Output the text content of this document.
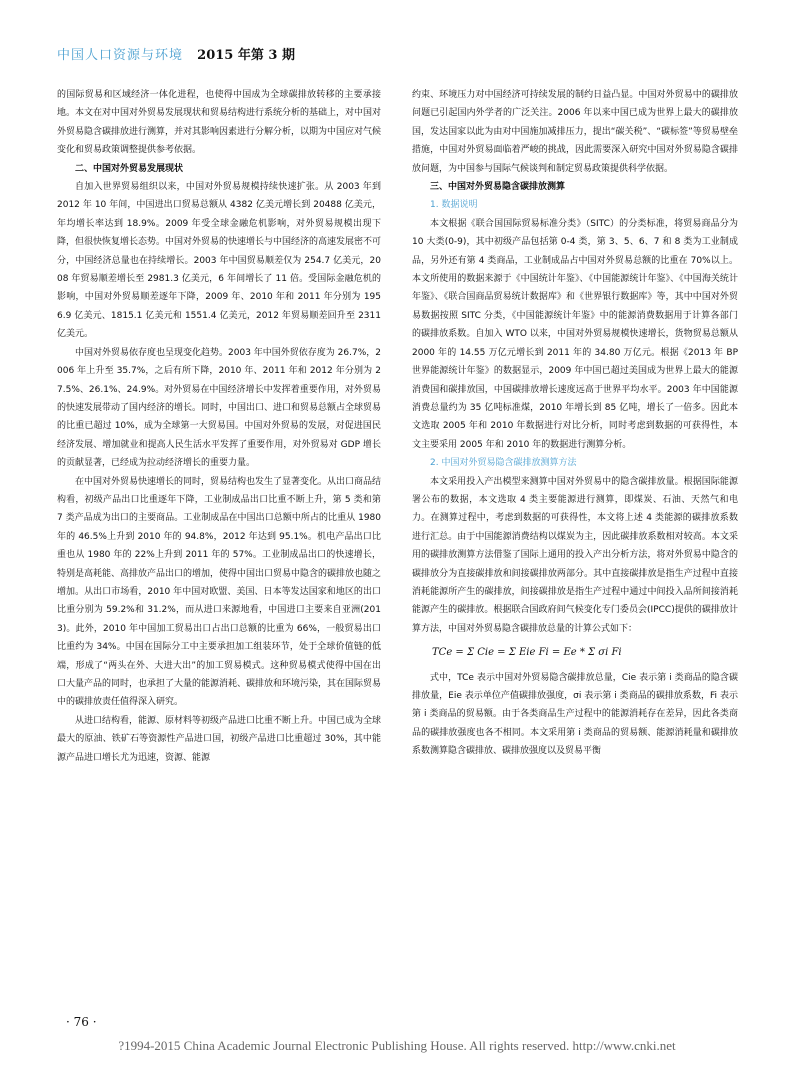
中国人口资源与环境 2015 年第 3 期

的国际贸易和区域经济一体化进程，也使得中国成为全球碳排放转移的主要承接地。本文在对中国对外贸易发展现状和贸易结构进行系统分析的基础上，对中国对外贸易隐含碳排放进行测算，并对其影响因素进行分解分析，以期为中国应对气候变化和贸易政策调整提供参考依据。

二、中国对外贸易发展现状

自加入世界贸易组织以来，中国对外贸易规模持续快速扩张。从 2003 年到 2012 年 10 年间，中国进出口贸易总额从 4382 亿美元增长到 20488 亿美元，年均增长率达到 18.9%。2009 年受全球金融危机影响，对外贸易规模出现下降，但很快恢复增长态势。中国对外贸易的快速增长与中国经济的高速发展密不可分，中国经济总量也在持续增长。2003 年中国贸易顺差仅为 254.7 亿美元，2008 年贸易顺差增长至 2981.3 亿美元，6 年间增长了 11 倍。受国际金融危机的影响，中国对外贸易顺差逐年下降，2009 年、2010 年和 2011 年分别为 1956.9 亿美元、1815.1 亿美元和 1551.4 亿美元，2012 年贸易顺差回升至 2311 亿美元。

中国对外贸易依存度也呈现变化趋势。2003 年中国外贸依存度为 26.7%，2006 年上升至 35.7%，之后有所下降，2010 年、2011 年和 2012 年分别为 27.5%、26.1%、24.9%。对外贸易在中国经济增长中发挥着重要作用，对外贸易的快速发展带动了国内经济的增长。同时，中国出口、进口和贸易总额占全球贸易的比重已超过 10%，成为全球第一大贸易国。中国对外贸易的发展，对促进国民经济发展、增加就业和提高人民生活水平发挥了重要作用，对外贸易对 GDP 增长的贡献显著，已经成为拉动经济增长的重要力量。

在中国对外贸易快速增长的同时，贸易结构也发生了显著变化。从出口商品结构看，初级产品出口比重逐年下降，工业制成品出口比重不断上升，第 5 类和第 7 类产品成为出口的主要商品。工业制成品在中国出口总额中所占的比重从 1980 年的 46.5%上升到 2010 年的 94.8%，2012 年达到 95.1%。机电产品出口比重也从 1980 年的 22%上升到 2011 年的 57%。工业制成品出口的快速增长，特别是高耗能、高排放产品出口的增加，使得中国出口贸易中隐含的碳排放也随之增加。从出口市场看，2010 年中国对欧盟、美国、日本等发达国家和地区的出口比重分别为 59.2%和 31.2%，而从进口来源地看，中国进口主要来自亚洲(2013)。此外，2010 年中国加工贸易出口占出口总额的比重为 66%，一般贸易出口比重约为 34%。中国在国际分工中主要承担加工组装环节，处于全球价值链的低端，形成了“两头在外、大进大出”的加工贸易模式。这种贸易模式使得中国在出口大量产品的同时，也承担了大量的能源消耗、碳排放和环境污染，其在国际贸易中的碳排放责任值得深入研究。

从进口结构看，能源、原材料等初级产品进口比重不断上升。中国已成为全球最大的原油、铁矿石等资源性产品进口国，初级产品进口比重超过 30%，其中能源产品进口增长尤为迅速，资源、能源

约束、环境压力对中国经济可持续发展的制约日益凸显。中国对外贸易中的碳排放问题已引起国内外学者的广泛关注。2006 年以来中国已成为世界上最大的碳排放国，发达国家以此为由对中国施加减排压力，提出“碳关税”、“碳标签”等贸易壁垒措施，中国对外贸易面临着严峻的挑战，因此需要深入研究中国对外贸易隐含碳排放问题，为中国参与国际气候谈判和制定贸易政策提供科学依据。

三、中国对外贸易隐含碳排放测算

1. 数据说明

本文根据《联合国国际贸易标准分类》（SITC）的分类标准，将贸易商品分为 10 大类(0-9)，其中初级产品包括第 0-4 类，第 3、5、6、7 和 8 类为工业制成品，另外还有第 4 类商品，工业制成品占中国对外贸易总额的比重在 70%以上。本文所使用的数据来源于《中国统计年鉴》、《中国能源统计年鉴》、《中国海关统计年鉴》、《联合国商品贸易统计数据库》和《世界银行数据库》等，其中中国对外贸易数据按照 SITC 分类，《中国能源统计年鉴》中的能源消费数据用于计算各部门的碳排放系数。自加入 WTO 以来，中国对外贸易规模快速增长，货物贸易总额从 2000 年的 14.55 万亿元增长到 2011 年的 34.80 万亿元。根据《2013 年 BP 世界能源统计年鉴》的数据显示，2009 年中国已超过美国成为世界上最大的能源消费国和碳排放国，中国碳排放增长速度远高于世界平均水平。2003 年中国能源消费总量约为 35 亿吨标准煤，2010 年增长到 85 亿吨，增长了一倍多。因此本文选取 2005 年和 2010 年数据进行对比分析，同时考虑到数据的可获得性，本文主要采用 2005 年和 2010 年的数据进行测算分析。

2. 中国对外贸易隐含碳排放测算方法

本文采用投入产出模型来测算中国对外贸易中的隐含碳排放量。根据国际能源署公布的数据，本文选取 4 类主要能源进行测算，即煤炭、石油、天然气和电力。在测算过程中，考虑到数据的可获得性，本文将上述 4 类能源的碳排放系数进行汇总。由于中国能源消费结构以煤炭为主，因此碳排放系数相对较高。本文采用的碳排放测算方法借鉴了国际上通用的投入产出分析方法，将对外贸易中隐含的碳排放分为直接碳排放和间接碳排放两部分。其中直接碳排放是指生产过程中直接消耗能源所产生的碳排放，间接碳排放是指生产过程中通过中间投入品所间接消耗能源产生的碳排放。根据联合国政府间气候变化专门委员会(IPCC)提供的碳排放计算方法，中国对外贸易隐含碳排放总量的计算公式如下：

TCe = Σ Cie = Σ Eie Fi = Ee * Σ σi Fi

式中，TCe 表示中国对外贸易隐含碳排放总量，Cie 表示第 i 类商品的隐含碳排放量，Eie 表示单位产值碳排放强度，σi 表示第 i 类商品的碳排放系数，Fi 表示第 i 类商品的贸易额。由于各类商品生产过程中的能源消耗存在差异，因此各类商品的碳排放强度也各不相同。本文采用第 i 类商品的贸易额、能源消耗量和碳排放系数测算隐含碳排放、碳排放强度以及贸易平衡

· 76 ·
?1994-2015 China Academic Journal Electronic Publishing House. All rights reserved. http://www.cnki.net
